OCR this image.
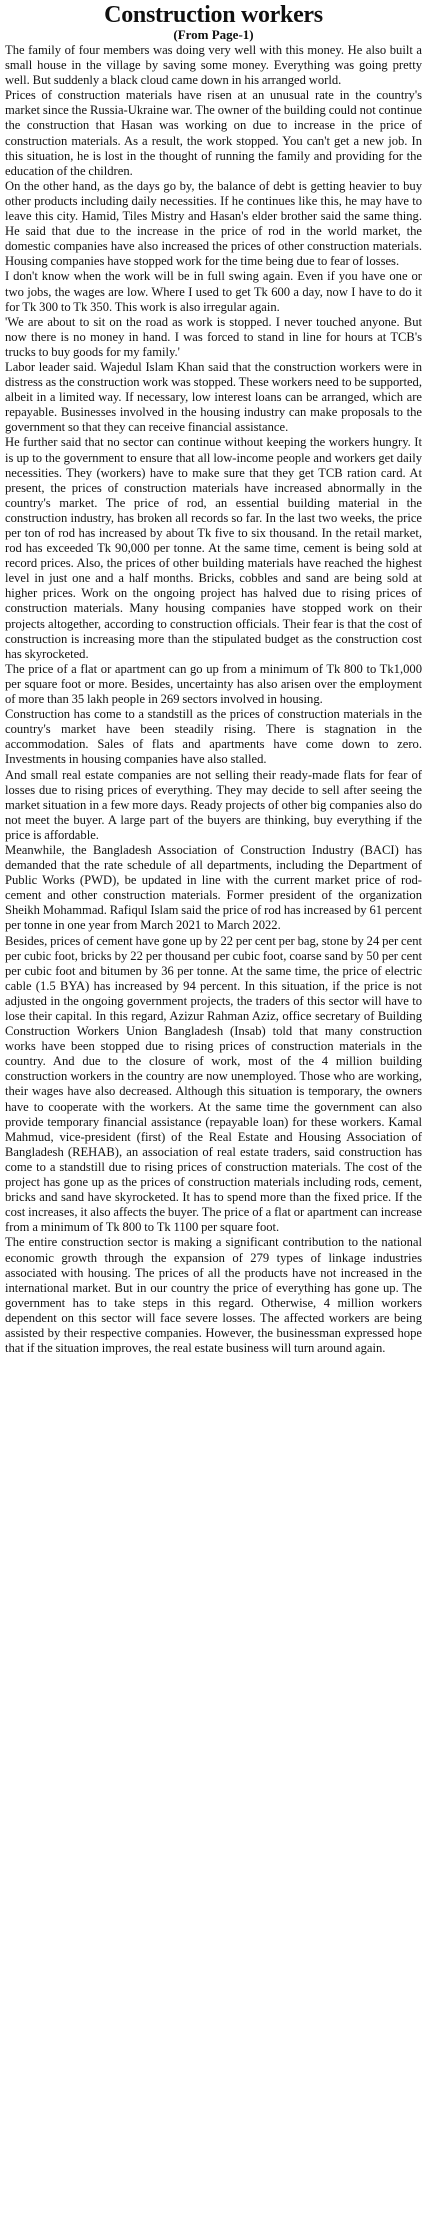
Construction workers
(From Page-1)

The family of four members was doing very well with this money. He also built a small house in the village by saving some money. Everything was going pretty well. But suddenly a black cloud came down in his arranged world.

Prices of construction materials have risen at an unusual rate in the country's market since the Russia-Ukraine war. The owner of the building could not continue the construction that Hasan was working on due to increase in the price of construction materials. As a result, the work stopped. You can't get a new job. In this situation, he is lost in the thought of running the family and providing for the education of the children.

On the other hand, as the days go by, the balance of debt is getting heavier to buy other products including daily necessities. If he continues like this, he may have to leave this city. Hamid, Tiles Mistry and Hasan's elder brother said the same thing. He said that due to the increase in the price of rod in the world market, the domestic companies have also increased the prices of other construction materials. Housing companies have stopped work for the time being due to fear of losses.

I don't know when the work will be in full swing again. Even if you have one or two jobs, the wages are low. Where I used to get Tk 600 a day, now I have to do it for Tk 300 to Tk 350. This work is also irregular again.

'We are about to sit on the road as work is stopped. I never touched anyone. But now there is no money in hand. I was forced to stand in line for hours at TCB's trucks to buy goods for my family.'

Labor leader said. Wajedul Islam Khan said that the construction workers were in distress as the construction work was stopped. These workers need to be supported, albeit in a limited way. If necessary, low interest loans can be arranged, which are repayable. Businesses involved in the housing industry can make proposals to the government so that they can receive financial assistance.

He further said that no sector can continue without keeping the workers hungry. It is up to the government to ensure that all low-income people and workers get daily necessities. They (workers) have to make sure that they get TCB ration card. At present, the prices of construction materials have increased abnormally in the country's market. The price of rod, an essential building material in the construction industry, has broken all records so far. In the last two weeks, the price per ton of rod has increased by about Tk five to six thousand. In the retail market, rod has exceeded Tk 90,000 per tonne. At the same time, cement is being sold at record prices. Also, the prices of other building materials have reached the highest level in just one and a half months. Bricks, cobbles and sand are being sold at higher prices. Work on the ongoing project has halved due to rising prices of construction materials. Many housing companies have stopped work on their projects altogether, according to construction officials. Their fear is that the cost of construction is increasing more than the stipulated budget as the construction cost has skyrocketed.

The price of a flat or apartment can go up from a minimum of Tk 800 to Tk1,000 per square foot or more. Besides, uncertainty has also arisen over the employment of more than 35 lakh people in 269 sectors involved in housing.

Construction has come to a standstill as the prices of construction materials in the country's market have been steadily rising. There is stagnation in the accommodation. Sales of flats and apartments have come down to zero. Investments in housing companies have also stalled.

And small real estate companies are not selling their ready-made flats for fear of losses due to rising prices of everything. They may decide to sell after seeing the market situation in a few more days. Ready projects of other big companies also do not meet the buyer. A large part of the buyers are thinking, buy everything if the price is affordable.

Meanwhile, the Bangladesh Association of Construction Industry (BACI) has demanded that the rate schedule of all departments, including the Department of Public Works (PWD), be updated in line with the current market price of rod-cement and other construction materials. Former president of the organization Sheikh Mohammad. Rafiqul Islam said the price of rod has increased by 61 percent per tonne in one year from March 2021 to March 2022.

Besides, prices of cement have gone up by 22 per cent per bag, stone by 24 per cent per cubic foot, bricks by 22 per thousand per cubic foot, coarse sand by 50 per cent per cubic foot and bitumen by 36 per tonne. At the same time, the price of electric cable (1.5 BYA) has increased by 94 percent. In this situation, if the price is not adjusted in the ongoing government projects, the traders of this sector will have to lose their capital. In this regard, Azizur Rahman Aziz, office secretary of Building Construction Workers Union Bangladesh (Insab) told that many construction works have been stopped due to rising prices of construction materials in the country. And due to the closure of work, most of the 4 million building construction workers in the country are now unemployed. Those who are working, their wages have also decreased. Although this situation is temporary, the owners have to cooperate with the workers. At the same time the government can also provide temporary financial assistance (repayable loan) for these workers. Kamal Mahmud, vice-president (first) of the Real Estate and Housing Association of Bangladesh (REHAB), an association of real estate traders, said construction has come to a standstill due to rising prices of construction materials. The cost of the project has gone up as the prices of construction materials including rods, cement, bricks and sand have skyrocketed. It has to spend more than the fixed price. If the cost increases, it also affects the buyer. The price of a flat or apartment can increase from a minimum of Tk 800 to Tk 1100 per square foot.

The entire construction sector is making a significant contribution to the national economic growth through the expansion of 279 types of linkage industries associated with housing. The prices of all the products have not increased in the international market. But in our country the price of everything has gone up. The government has to take steps in this regard. Otherwise, 4 million workers dependent on this sector will face severe losses. The affected workers are being assisted by their respective companies. However, the businessman expressed hope that if the situation improves, the real estate business will turn around again.
